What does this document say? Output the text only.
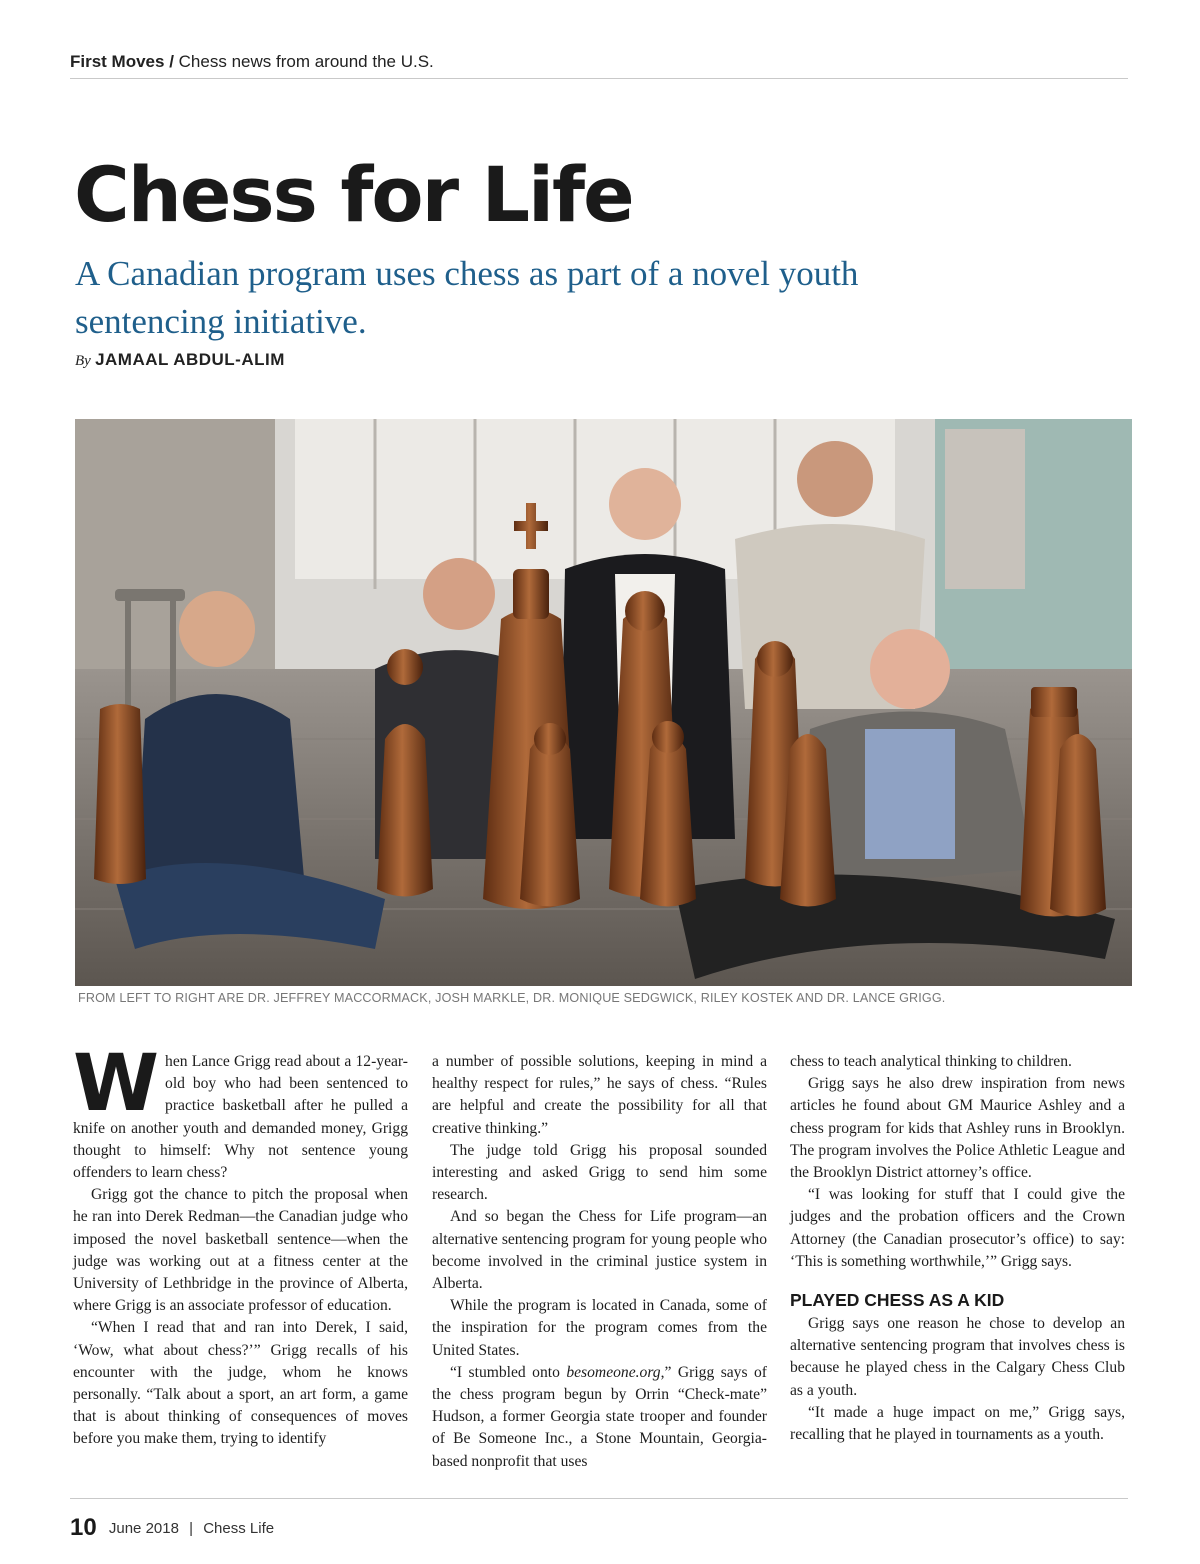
First Moves / Chess news from around the U.S.
Chess for Life
A Canadian program uses chess as part of a novel youth sentencing initiative.
By JAMAAL ABDUL-ALIM
FROM LEFT TO RIGHT ARE DR. JEFFREY MACCORMACK, JOSH MARKLE, DR. MONIQUE SEDGWICK, RILEY KOSTEK AND DR. LANCE GRIGG.

When Lance Grigg read about a 12-year-old boy who had been sentenced to practice basketball after he pulled a knife on another youth and demanded money, Grigg thought to himself: Why not sentence young offenders to learn chess?

Grigg got the chance to pitch the proposal when he ran into Derek Redman—the Canadian judge who imposed the novel basketball sentence—when the judge was working out at a fitness center at the University of Lethbridge in the province of Alberta, where Grigg is an associate professor of education.

“When I read that and ran into Derek, I said, ‘Wow, what about chess?’” Grigg recalls of his encounter with the judge, whom he knows personally. “Talk about a sport, an art form, a game that is about thinking of consequences of moves before you make them, trying to identify

a number of possible solutions, keeping in mind a healthy respect for rules,” he says of chess. “Rules are helpful and create the possibility for all that creative thinking.”

The judge told Grigg his proposal sounded interesting and asked Grigg to send him some research.

And so began the Chess for Life program—an alternative sentencing program for young people who become involved in the criminal justice system in Alberta.

While the program is located in Canada, some of the inspiration for the program comes from the United States.

“I stumbled onto besomeone.org,” Grigg says of the chess program begun by Orrin “Check-mate” Hudson, a former Georgia state trooper and founder of Be Someone Inc., a Stone Mountain, Georgia-based nonprofit that uses

chess to teach analytical thinking to children.

Grigg says he also drew inspiration from news articles he found about GM Maurice Ashley and a chess program for kids that Ashley runs in Brooklyn. The program involves the Police Athletic League and the Brooklyn District attorney’s office.

“I was looking for stuff that I could give the judges and the probation officers and the Crown Attorney (the Canadian prosecutor’s office) to say: ‘This is something worthwhile,’” Grigg says.

PLAYED CHESS AS A KID

Grigg says one reason he chose to develop an alternative sentencing program that involves chess is because he played chess in the Calgary Chess Club as a youth.

“It made a huge impact on me,” Grigg says, recalling that he played in tournaments as a youth.

10 June 2018 | Chess Life
